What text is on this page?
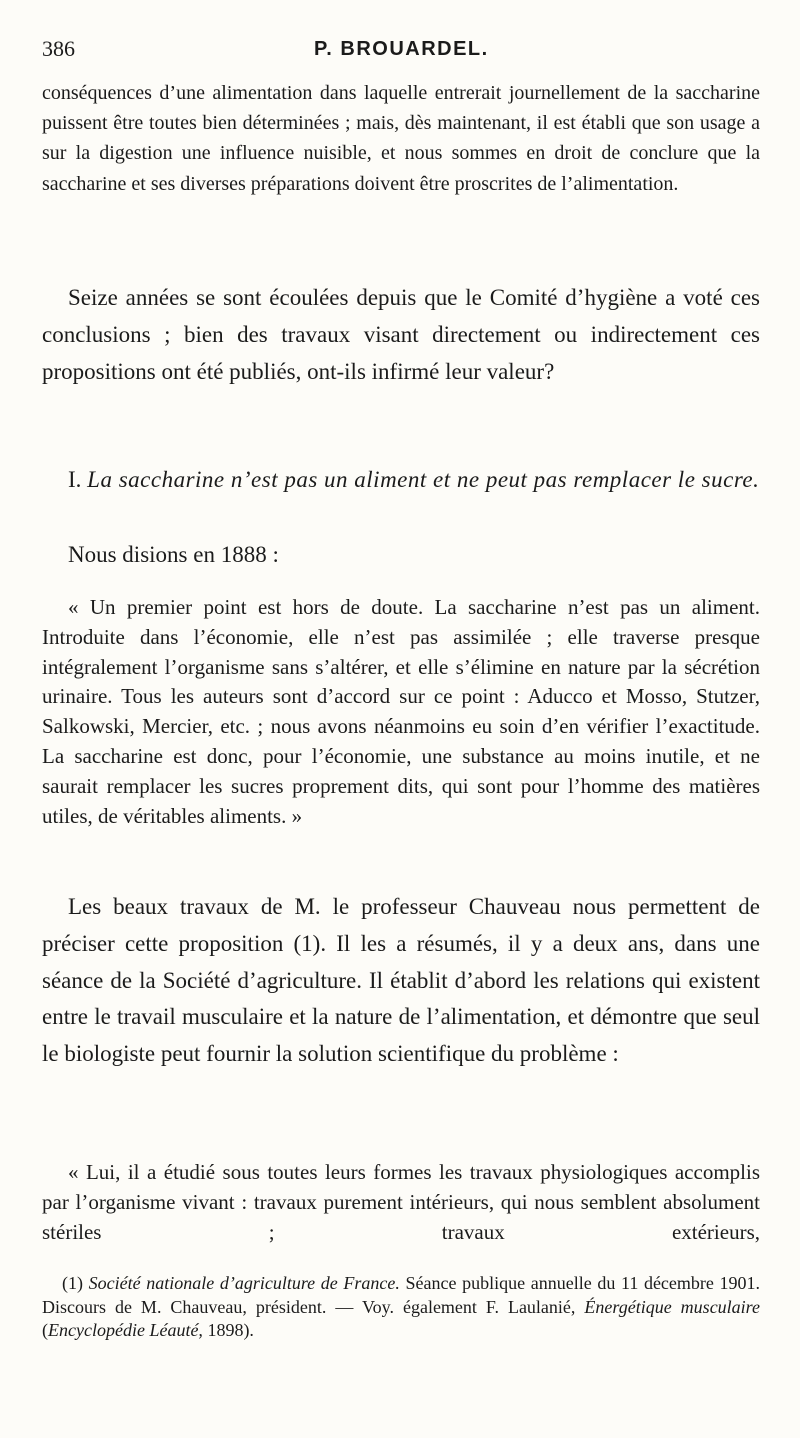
386	P. BROUARDEL.

conséquences d’une alimentation dans laquelle entrerait journellement de la saccharine puissent être toutes bien déterminées ; mais, dès maintenant, il est établi que son usage a sur la digestion une influence nuisible, et nous sommes en droit de conclure que la saccharine et ses diverses préparations doivent être proscrites de l’alimentation.

Seize années se sont écoulées depuis que le Comité d’hygiène a voté ces conclusions ; bien des travaux visant directement ou indirectement ces propositions ont été publiés, ont-ils infirmé leur valeur?

I. La saccharine n’est pas un aliment et ne peut pas remplacer le sucre.
Nous disions en 1888 :

« Un premier point est hors de doute. La saccharine n’est pas un aliment. Introduite dans l’économie, elle n’est pas assimilée ; elle traverse presque intégralement l’organisme sans s’altérer, et elle s’élimine en nature par la sécrétion urinaire. Tous les auteurs sont d’accord sur ce point : Aducco et Mosso, Stutzer, Salkowski, Mercier, etc. ; nous avons néanmoins eu soin d’en vérifier l’exactitude. La saccharine est donc, pour l’économie, une substance au moins inutile, et ne saurait remplacer les sucres proprement dits, qui sont pour l’homme des matières utiles, de véritables aliments. »

Les beaux travaux de M. le professeur Chauveau nous permettent de préciser cette proposition (1). Il les a résumés, il y a deux ans, dans une séance de la Société d’agriculture. Il établit d’abord les relations qui existent entre le travail musculaire et la nature de l’alimentation, et démontre que seul le biologiste peut fournir la solution scientifique du problème :

« Lui, il a étudié sous toutes leurs formes les travaux physiologiques accomplis par l’organisme vivant : travaux purement intérieurs, qui nous semblent absolument stériles ; travaux extérieurs,

(1) Société nationale d’agriculture de France. Séance publique annuelle du 11 décembre 1901. Discours de M. Chauveau, président. — Voy. également F. Laulanié, Énergétique musculaire (Encyclopédie Léauté, 1898).
